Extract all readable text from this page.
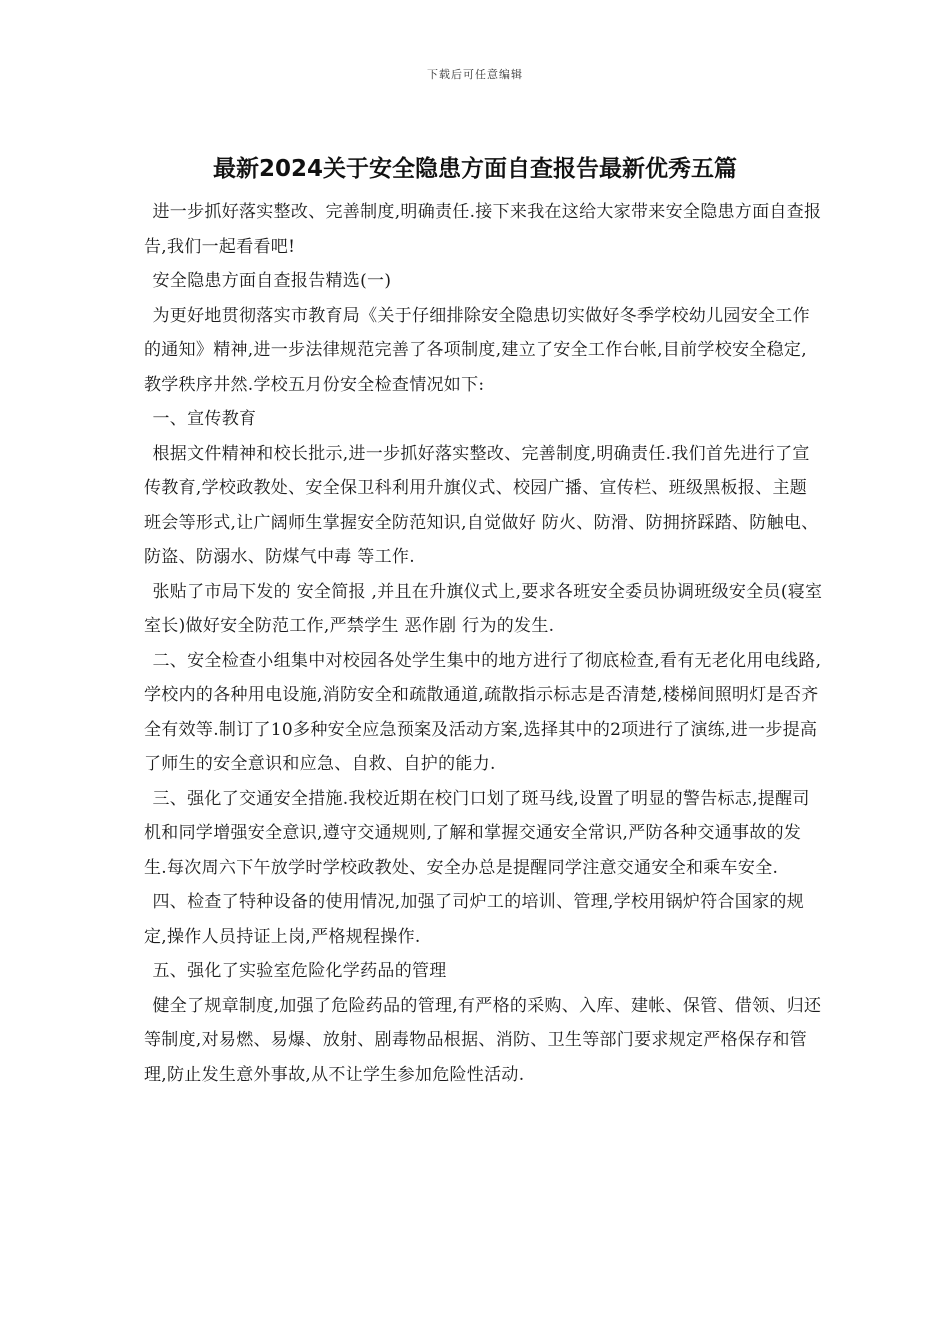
下载后可任意编辑
最新2024关于安全隐患方面自查报告最新优秀五篇

进一步抓好落实整改、完善制度,明确责任.接下来我在这给大家带来安全隐患方面自查报告,我们一起看看吧!

安全隐患方面自查报告精选(一)

为更好地贯彻落实市教育局《关于仔细排除安全隐患切实做好冬季学校幼儿园安全工作的通知》精神,进一步法律规范完善了各项制度,建立了安全工作台帐,目前学校安全稳定,教学秩序井然.学校五月份安全检查情况如下:

一、宣传教育

根据文件精神和校长批示,进一步抓好落实整改、完善制度,明确责任.我们首先进行了宣传教育,学校政教处、安全保卫科利用升旗仪式、校园广播、宣传栏、班级黑板报、主题班会等形式,让广阔师生掌握安全防范知识,自觉做好 防火、防滑、防拥挤踩踏、防触电、防盗、防溺水、防煤气中毒 等工作.

张贴了市局下发的 安全简报 ,并且在升旗仪式上,要求各班安全委员协调班级安全员(寝室室长)做好安全防范工作,严禁学生 恶作剧 行为的发生.

二、安全检查小组集中对校园各处学生集中的地方进行了彻底检查,看有无老化用电线路,学校内的各种用电设施,消防安全和疏散通道,疏散指示标志是否清楚,楼梯间照明灯是否齐全有效等.制订了10多种安全应急预案及活动方案,选择其中的2项进行了演练,进一步提高了师生的安全意识和应急、自救、自护的能力.

三、强化了交通安全措施.我校近期在校门口划了斑马线,设置了明显的警告标志,提醒司机和同学增强安全意识,遵守交通规则,了解和掌握交通安全常识,严防各种交通事故的发生.每次周六下午放学时学校政教处、安全办总是提醒同学注意交通安全和乘车安全.

四、检查了特种设备的使用情况,加强了司炉工的培训、管理,学校用锅炉符合国家的规定,操作人员持证上岗,严格规程操作.

五、强化了实验室危险化学药品的管理

健全了规章制度,加强了危险药品的管理,有严格的采购、入库、建帐、保管、借领、归还等制度,对易燃、易爆、放射、剧毒物品根据、消防、卫生等部门要求规定严格保存和管理,防止发生意外事故,从不让学生参加危险性活动.
